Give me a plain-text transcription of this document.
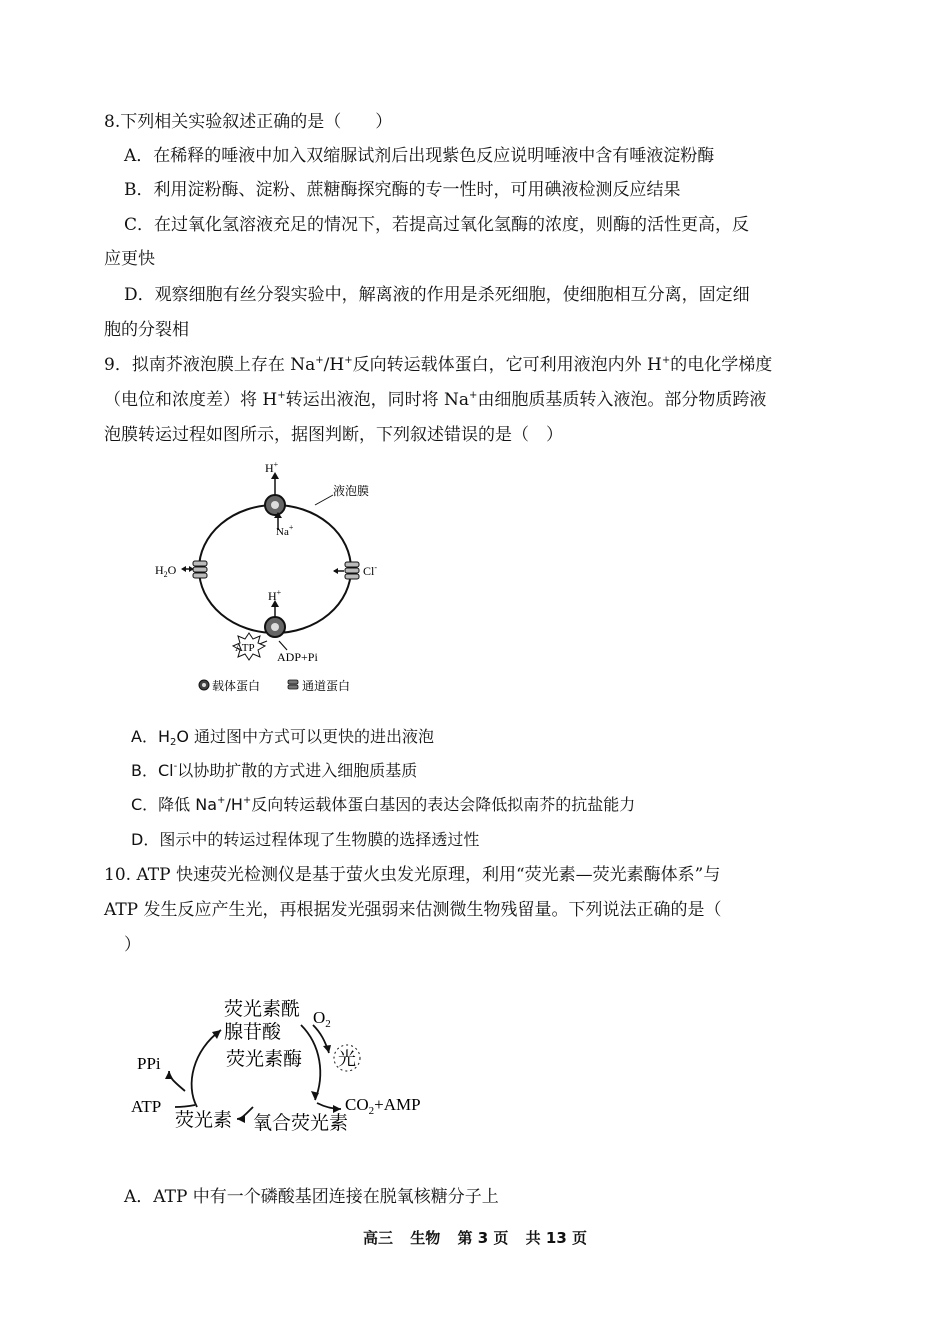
8.下列相关实验叙述正确的是（　　）
A．在稀释的唾液中加入双缩脲试剂后出现紫色反应说明唾液中含有唾液淀粉酶
B．利用淀粉酶、淀粉、蔗糖酶探究酶的专一性时，可用碘液检测反应结果
C．在过氧化氢溶液充足的情况下，若提高过氧化氢酶的浓度，则酶的活性更高，反
应更快
D．观察细胞有丝分裂实验中，解离液的作用是杀死细胞，使细胞相互分离，固定细
胞的分裂相
9．拟南芥液泡膜上存在 Na+/H+反向转运载体蛋白，它可利用液泡内外 H+的电化学梯度
（电位和浓度差）将 H+转运出液泡，同时将 Na+由细胞质基质转入液泡。部分物质跨液
泡膜转运过程如图所示，据图判断，下列叙述错误的是（　）
H+
Na+
液泡膜
$H_2O$	Cl-
H+
ATP
ADP+Pi
载体蛋白	通道蛋白
A．$H_2O$ 通过图中方式可以更快的进出液泡
B．Cl-以协助扩散的方式进入细胞质基质
C．降低 Na+/H+反向转运载体蛋白基因的表达会降低拟南芥的抗盐能力
D．图示中的转运过程体现了生物膜的选择透过性
10. ATP 快速荧光检测仪是基于萤火虫发光原理，利用“荧光素—荧光素酶体系”与
ATP 发生反应产生光，再根据发光强弱来估测微生物残留量。下列说法正确的是（
）
荧光素酰
腺苷酸
荧光素酶
$O_2$
光
PPi
ATP
荧光素 氧合荧光素
$CO_2+AMP$
A．ATP 中有一个磷酸基团连接在脱氧核糖分子上
高三 生物 第 3 页 共 13 页
